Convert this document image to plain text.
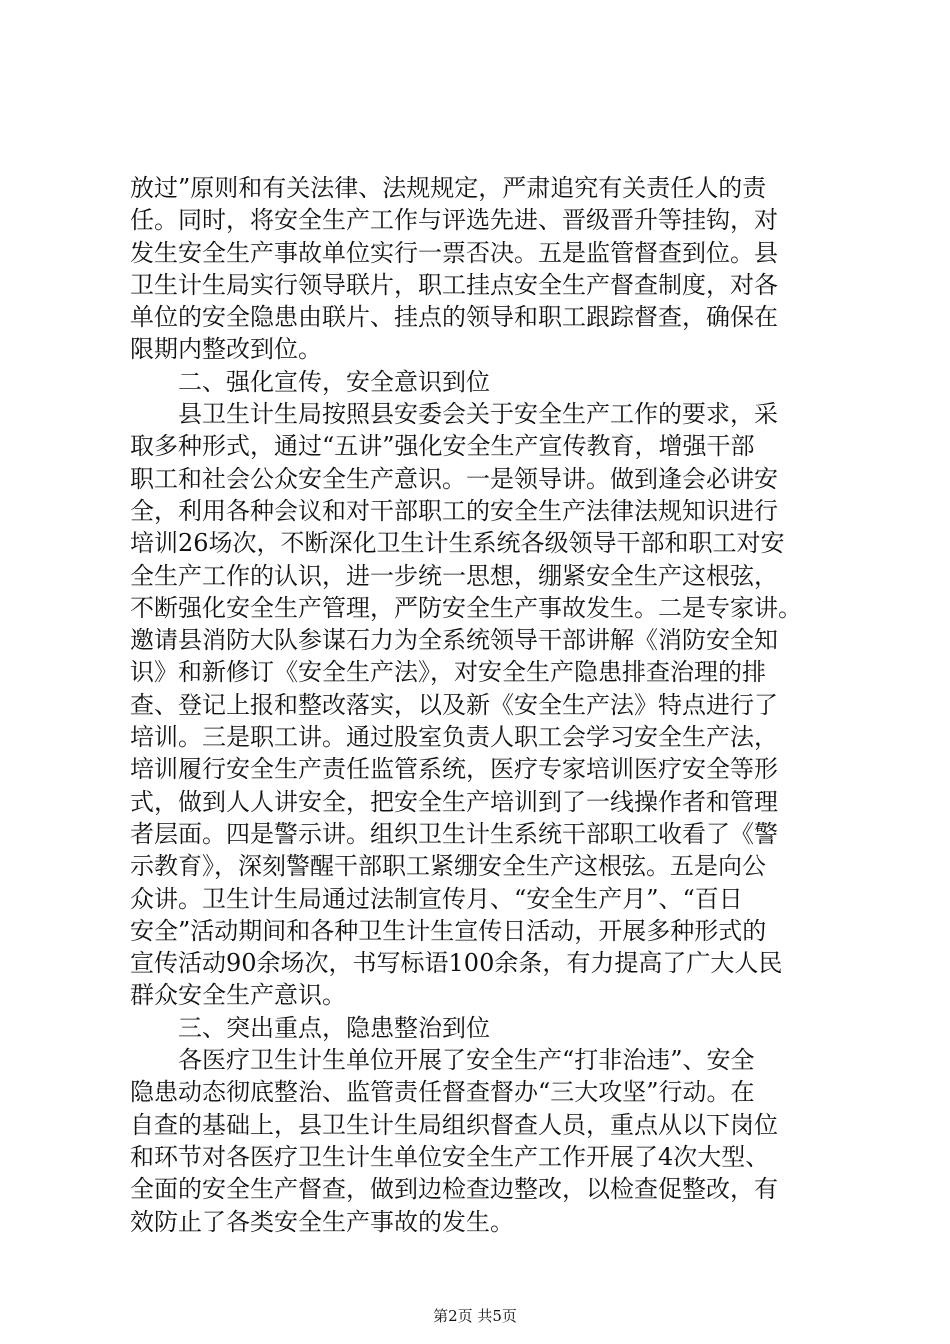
放过”原则和有关法律、法规规定，严肃追究有关责任人的责
任。同时，将安全生产工作与评选先进、晋级晋升等挂钩，对
发生安全生产事故单位实行一票否决。五是监管督查到位。县
卫生计生局实行领导联片，职工挂点安全生产督查制度，对各
单位的安全隐患由联片、挂点的领导和职工跟踪督查，确保在
限期内整改到位。
　　二、强化宣传，安全意识到位
　　县卫生计生局按照县安委会关于安全生产工作的要求，采
取多种形式，通过“五讲”强化安全生产宣传教育，增强干部
职工和社会公众安全生产意识。一是领导讲。做到逢会必讲安
全，利用各种会议和对干部职工的安全生产法律法规知识进行
培训26场次，不断深化卫生计生系统各级领导干部和职工对安
全生产工作的认识，进一步统一思想，绷紧安全生产这根弦，
不断强化安全生产管理，严防安全生产事故发生。二是专家讲。
邀请县消防大队参谋石力为全系统领导干部讲解《消防安全知
识》和新修订《安全生产法》，对安全生产隐患排查治理的排
查、登记上报和整改落实，以及新《安全生产法》特点进行了
培训。三是职工讲。通过股室负责人职工会学习安全生产法，
培训履行安全生产责任监管系统，医疗专家培训医疗安全等形
式，做到人人讲安全，把安全生产培训到了一线操作者和管理
者层面。四是警示讲。组织卫生计生系统干部职工收看了《警
示教育》，深刻警醒干部职工紧绷安全生产这根弦。五是向公
众讲。卫生计生局通过法制宣传月、“安全生产月”、“百日
安全”活动期间和各种卫生计生宣传日活动，开展多种形式的
宣传活动90余场次，书写标语100余条，有力提高了广大人民
群众安全生产意识。
　　三、突出重点，隐患整治到位
　　各医疗卫生计生单位开展了安全生产“打非治违”、安全
隐患动态彻底整治、监管责任督查督办“三大攻坚”行动。在
自查的基础上，县卫生计生局组织督查人员，重点从以下岗位
和环节对各医疗卫生计生单位安全生产工作开展了4次大型、
全面的安全生产督查，做到边检查边整改，以检查促整改，有
效防止了各类安全生产事故的发生。
第2页 共5页
